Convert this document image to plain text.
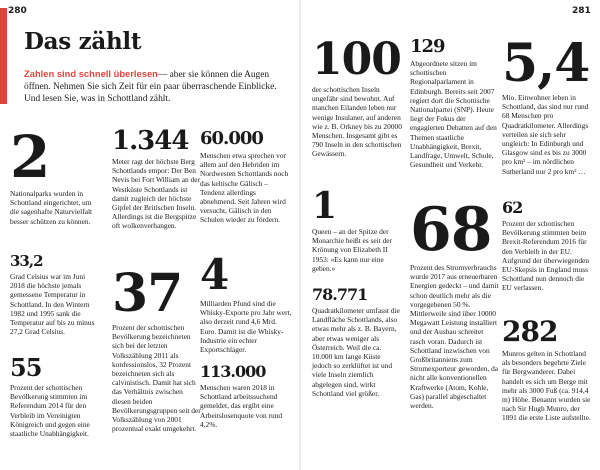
280	281
Das zählt
Zahlen sind schnell überlesen— aber sie können die Augen öffnen. Nehmen Sie sich Zeit für ein paar überraschende Einblicke. Und lesen Sie, was in Schottland zählt.
2
Nationalparks wurden in Schottland eingerichtet, um die sagenhafte Naturvielfalt besser schützen zu können.
33,2
Grad Celsius war im Juni 2018 die höchste jemals gemessene Temperatur in Schottland. In den Wintern 1982 und 1995 sank die Temperatur auf bis zu minus 27,2 Grad Celsius.
55
Prozent der schottischen Bevölkerung stimmten im Referendum 2014 für den Verbleib im Vereinigten Königreich und gegen eine staatliche Unabhängigkeit.
1.344
Meter ragt der höchste Berg Schottlands empor: Der Ben Nevis bei Fort William an der Westküste Schottlands ist damit zugleich der höchste Gipfel der Britischen Inseln. Allerdings ist die Bergspitze oft wolkenverhangen.
37
Prozent der schottischen Bevölkerung bezeichneten sich bei der letzten Volkszählung 2011 als konfessionslos, 32 Prozent bezeichneten sich als calvinistisch. Damit hat sich das Verhältnis zwischen diesen beiden Bevölkerungsgruppen seit der Volkszählung von 2001 prozentual exakt umgekehrt.
60.000
Menschen etwa sprechen vor allem auf den Hebriden im Nordwesten Schottlands noch das keltische Gälisch – Tendenz allerdings abnehmend. Seit Jahren wird versucht, Gälisch in den Schulen wieder zu fördern.
4
Milliarden Pfund sind die Whisky-Exporte pro Jahr wert, also derzeit rund 4,6 Mrd. Euro. Damit ist die Whisky-Industrie ein echter Exportschlager.
113.000
Menschen waren 2018 in Schottland arbeitssuchend gemeldet, das ergibt eine Arbeitslosenquote von rund 4,2%.
100
der schottischen Inseln ungefähr sind bewohnt. Auf manchen Eilanden leben nur wenige Insulaner, auf anderen wie z. B. Orkney bis zu 20000 Menschen. Insgesamt gibt es 790 Inseln in den schottischen Gewässern.
1
Queen – an der Spitze der Monarchie heißt es seit der Krönung von Elizabeth II 1953: «Es kann nur eine geben.»
78.771
Quadratkilometer umfasst die Landfläche Schottlands, also etwas mehr als z. B. Bayern, aber etwas weniger als Österreich. Weil die ca. 10.000 km lange Küste jedoch so zerklüftet ist und viele Inseln ziemlich abgelegen sind, wirkt Schottland viel größer.
129
Abgeordnete sitzen im schottischen Regionalparlament in Edinburgh. Bereits seit 2007 regiert dort die Schottische Nationalpartei (SNP). Heute liegt der Fokus der engagierten Debatten auf den Themen staatliche Unabhängigkeit, Brexit, Landfrage, Umwelt, Schule, Gesundheit und Verkehr.
68
Prozent des Stromverbrauchs wurde 2017 aus erneuerbaren Energien gedeckt – und damit schon deutlich mehr als die vorgegebenen 50 %. Mittlerweile sind über 10000 Megawatt Leistung installiert und der Ausbau schreitet rasch voran. Dadurch ist Schottland inzwischen von Großbritanniens zum Stromexporteur geworden, da nicht alle konventionellen Kraftwerke (Atom, Kohle, Gas) parallel abgeschaltet werden.
5,4
Mio. Einwohner leben in Schottland, das sind nur rund 68 Menschen pro Quadratkilometer. Allerdings verteilen sie sich sehr ungleich: In Edinburgh und Glasgow sind es bis zu 3000 pro km² – im nördlichen Sutherland nur 2 pro km² …
62
Prozent der schottischen Bevölkerung stimmten beim Brexit-Referendum 2016 für den Verbleib in der EU. Aufgrund der überwiegenden EU-Skepsis in England muss Schottland nun dennoch die EU verlassen.
282
Munros gelten in Schottland als besonders begehrte Ziele für Bergwanderer. Dabei handelt es sich um Berge mit mehr als 3000 Fuß (ca. 914,4 m) Höhe. Benannt wurden sie nach Sir Hugh Munro, der 1891 die erste Liste aufstellte.
